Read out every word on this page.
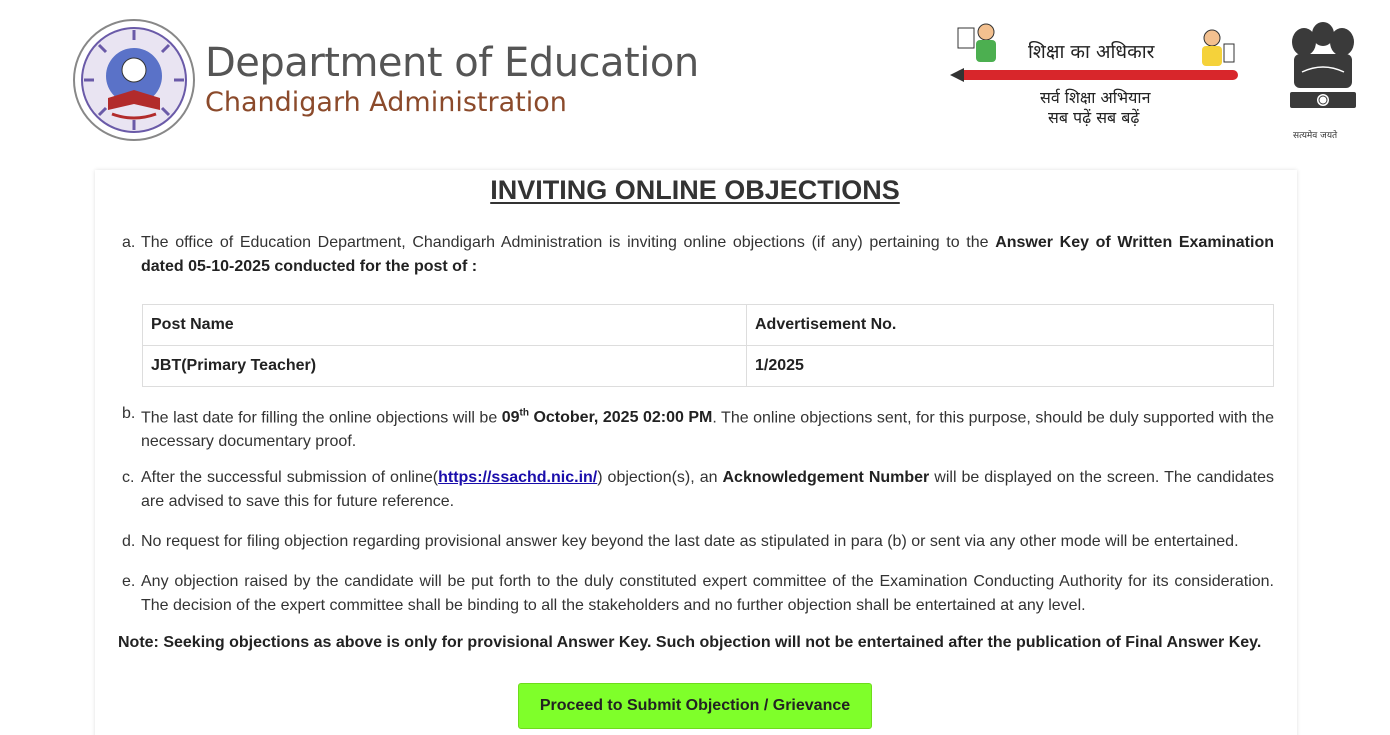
Department of Education
Chandigarh Administration
शिक्षा का अधिकार
सर्व शिक्षा अभियान
सब पढ़ें सब बढ़ें
सत्यमेव जयते
INVITING ONLINE OBJECTIONS
a. The office of Education Department, Chandigarh Administration is inviting online objections (if any) pertaining to the Answer Key of Written Examination dated 05-10-2025 conducted for the post of :
Post Name	Advertisement No.
JBT(Primary Teacher)	1/2025
b. The last date for filling the online objections will be 09th October, 2025 02:00 PM. The online objections sent, for this purpose, should be duly supported with the necessary documentary proof.
c. After the successful submission of online(https://ssachd.nic.in/) objection(s), an Acknowledgement Number will be displayed on the screen. The candidates are advised to save this for future reference.
d. No request for filing objection regarding provisional answer key beyond the last date as stipulated in para (b) or sent via any other mode will be entertained.
e. Any objection raised by the candidate will be put forth to the duly constituted expert committee of the Examination Conducting Authority for its consideration. The decision of the expert committee shall be binding to all the stakeholders and no further objection shall be entertained at any level.
Note: Seeking objections as above is only for provisional Answer Key. Such objection will not be entertained after the publication of Final Answer Key.
Proceed to Submit Objection / Grievance
